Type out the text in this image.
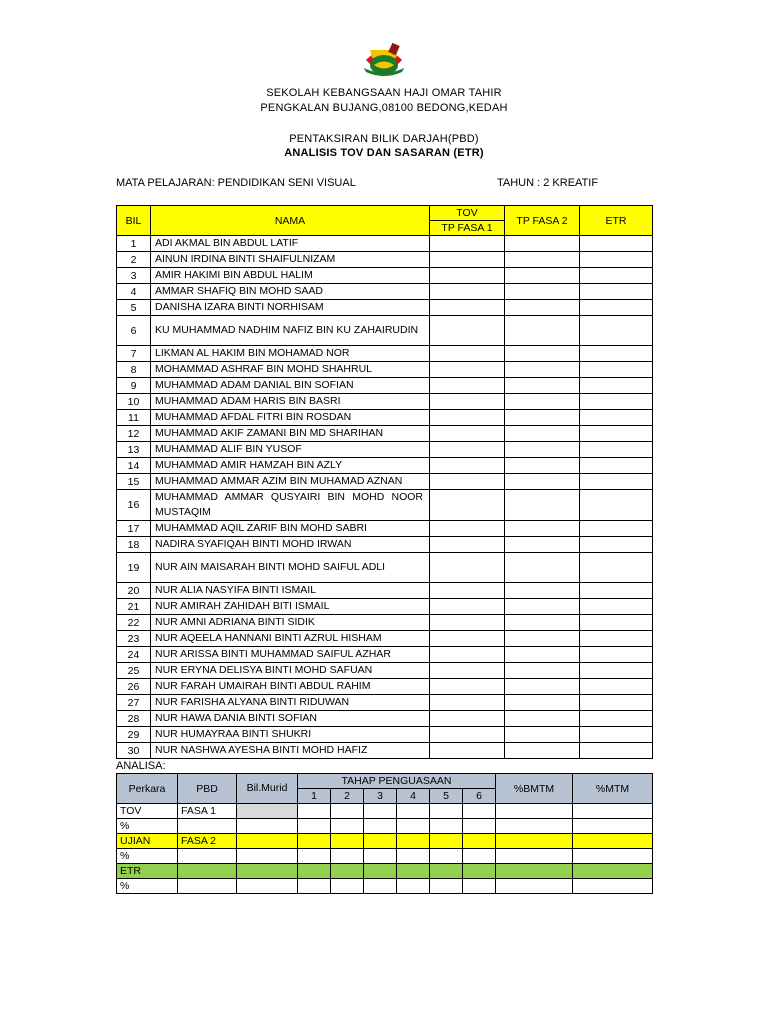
SEKOLAH KEBANGSAAN HAJI OMAR TAHIR
PENGKALAN BUJANG,08100 BEDONG,KEDAH
PENTAKSIRAN BILIK DARJAH(PBD)
ANALISIS TOV DAN SASARAN (ETR)
MATA PELAJARAN: PENDIDIKAN SENI VISUAL	TAHUN : 2 KREATIF
BIL	NAMA	TOV	TP FASA 2	ETR
		TP FASA 1		
1	ADI AKMAL BIN ABDUL LATIF			
2	AINUN IRDINA BINTI SHAIFULNIZAM			
3	AMIR HAKIMI BIN ABDUL HALIM			
4	AMMAR SHAFIQ BIN MOHD SAAD			
5	DANISHA IZARA BINTI NORHISAM			
6	KU MUHAMMAD NADHIM NAFIZ BIN KU ZAHAIRUDIN			
7	LIKMAN AL HAKIM BIN MOHAMAD NOR			
8	MOHAMMAD ASHRAF BIN MOHD SHAHRUL			
9	MUHAMMAD ADAM DANIAL BIN SOFIAN			
10	MUHAMMAD ADAM HARIS BIN BASRI			
11	MUHAMMAD AFDAL FITRI BIN ROSDAN			
12	MUHAMMAD AKIF ZAMANI BIN MD SHARIHAN			
13	MUHAMMAD ALIF BIN YUSOF			
14	MUHAMMAD AMIR HAMZAH BIN AZLY			
15	MUHAMMAD AMMAR AZIM BIN MUHAMAD AZNAN			
16	MUHAMMAD AMMAR QUSYAIRI BIN MOHD NOOR MUSTAQIM			
17	MUHAMMAD AQIL ZARIF BIN MOHD SABRI			
18	NADIRA SYAFIQAH BINTI MOHD IRWAN			
19	NUR AIN MAISARAH BINTI MOHD SAIFUL ADLI			
20	NUR ALIA NASYIFA BINTI ISMAIL			
21	NUR AMIRAH ZAHIDAH BITI ISMAIL			
22	NUR AMNI ADRIANA BINTI SIDIK			
23	NUR AQEELA HANNANI BINTI AZRUL HISHAM			
24	NUR ARISSA BINTI MUHAMMAD SAIFUL AZHAR			
25	NUR ERYNA DELISYA BINTI MOHD SAFUAN			
26	NUR FARAH UMAIRAH BINTI ABDUL RAHIM			
27	NUR FARISHA ALYANA BINTI RIDUWAN			
28	NUR HAWA DANIA BINTI SOFIAN			
29	NUR HUMAYRAA BINTI SHUKRI			
30	NUR NASHWA AYESHA BINTI MOHD HAFIZ			
ANALISA:
Perkara	PBD	Bil.Murid	TAHAP PENGUASAAN						%BMTM	%MTM
			1	2	3	4	5	6		
TOV	FASA 1									
%										
UJIAN	FASA 2									
%										
ETR										
%										
